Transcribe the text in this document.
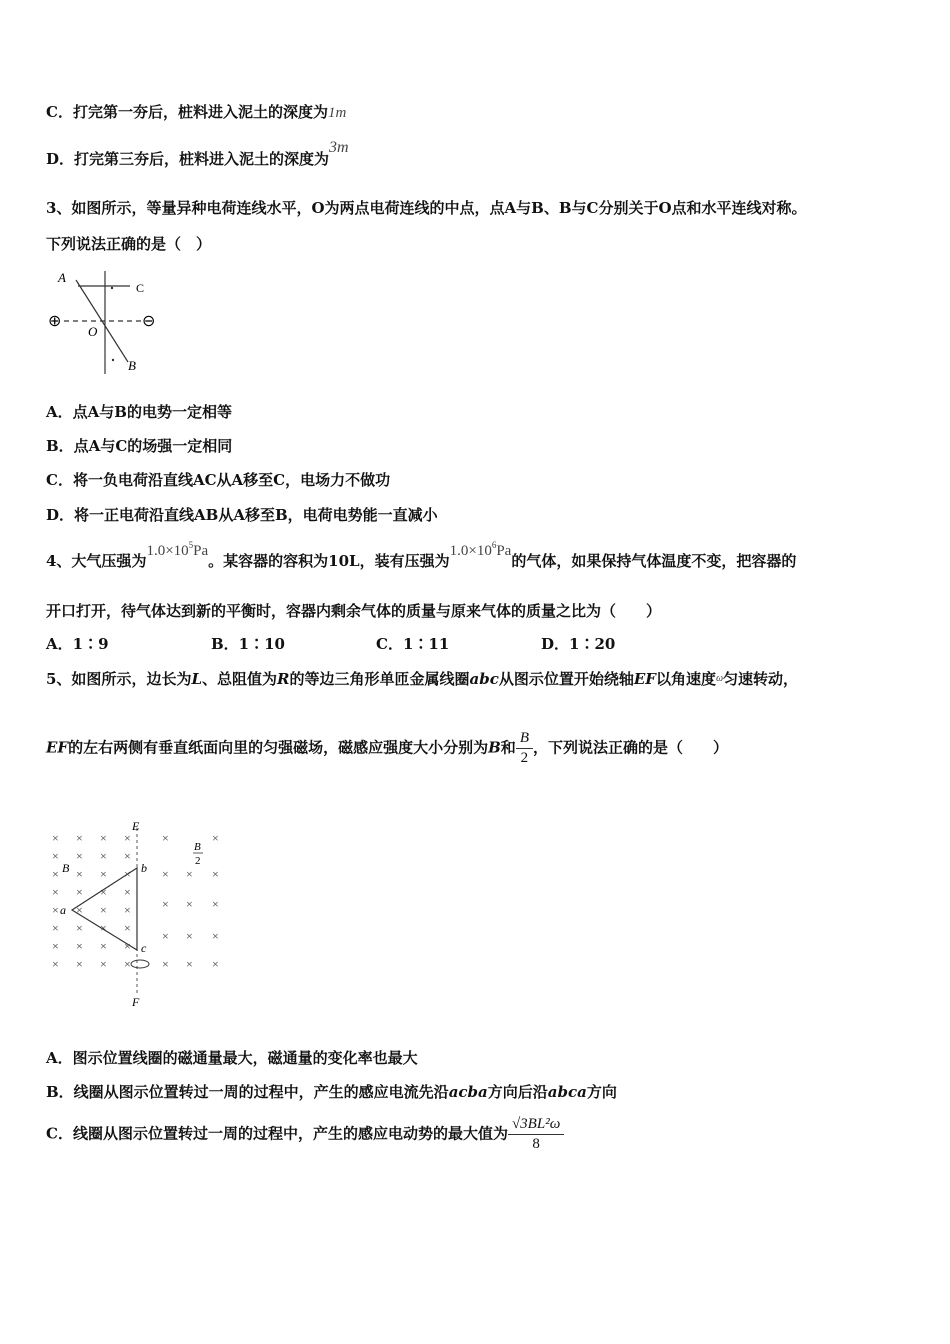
C．打完第一夯后，桩料进入泥土的深度为1m
D．打完第三夯后，桩料进入泥土的深度为3m
3、如图所示，等量异种电荷连线水平，O为两点电荷连线的中点，点A与B、B与C分别关于O点和水平连线对称。
下列说法正确的是（　）
A
C
O
B
⊕	⊖
A．点A与B的电势一定相等
B．点A与C的场强一定相同
C．将一负电荷沿直线AC从A移至C，电场力不做功
D．将一正电荷沿直线AB从A移至B，电荷电势能一直减小
4、大气压强为$1.0\times 10^5Pa$。某容器的容积为10L，装有压强为$1.0\times 10^6Pa$的气体，如果保持气体温度不变，把容器的
开口打开，待气体达到新的平衡时，容器内剩余气体的质量与原来气体的质量之比为（　　）
A．1∶9	B．1∶10	C．1∶11	D．1∶20
5、如图所示，边长为L、总阻值为R的等边三角形单匝金属线圈abc从图示位置开始绕轴EF以角速度$^\omega$匀速转动，
EF的左右两侧有垂直纸面向里的匀强磁场，磁感应强度大小分别为B和 $\frac{B}{2}$ ，下列说法正确的是（　　）
× × × ×
× × × ×
× × × ×
× × × ×
× × × ×
× × × ×
× × × ×
× × × ×
×	×
× × ×
× × ×
× × ×
× × ×
E
F
a
b
c
B
B
2
A．图示位置线圈的磁通量最大，磁通量的变化率也最大
B．线圈从图示位置转过一周的过程中，产生的感应电流先沿acba方向后沿abca方向
C．线圈从图示位置转过一周的过程中，产生的感应电动势的最大值为 $\frac{\text{√3BL²ω}}{8}$
